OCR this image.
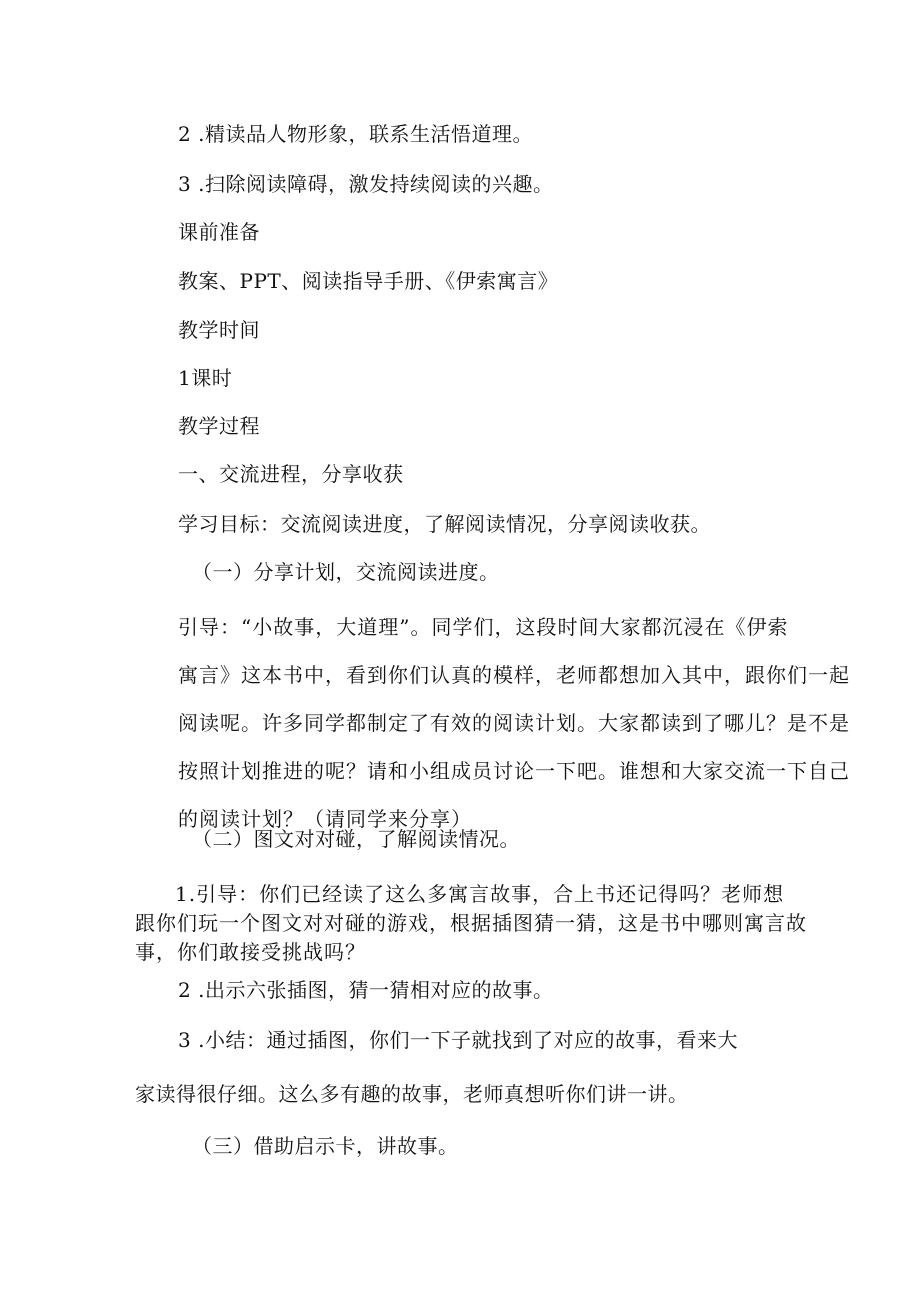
2 .精读品人物形象，联系生活悟道理。
3 .扫除阅读障碍，激发持续阅读的兴趣。
课前准备
教案、PPT、阅读指导手册、《伊索寓言》
教学时间
1课时
教学过程
一、交流进程，分享收获
学习目标：交流阅读进度，了解阅读情况，分享阅读收获。
（一）分享计划，交流阅读进度。
引导：“小故事，大道理”。同学们，这段时间大家都沉浸在《伊索
寓言》这本书中，看到你们认真的模样，老师都想加入其中，跟你们一起
阅读呢。许多同学都制定了有效的阅读计划。大家都读到了哪儿？是不是
按照计划推进的呢？请和小组成员讨论一下吧。谁想和大家交流一下自己
的阅读计划？（请同学来分享）
（二）图文对对碰，了解阅读情况。
1.引导：你们已经读了这么多寓言故事，合上书还记得吗？老师想
跟你们玩一个图文对对碰的游戏，根据插图猜一猜，这是书中哪则寓言故
事，你们敢接受挑战吗？
2 .出示六张插图，猜一猜相对应的故事。
3 .小结：通过插图，你们一下子就找到了对应的故事，看来大
家读得很仔细。这么多有趣的故事，老师真想听你们讲一讲。
（三）借助启示卡，讲故事。
